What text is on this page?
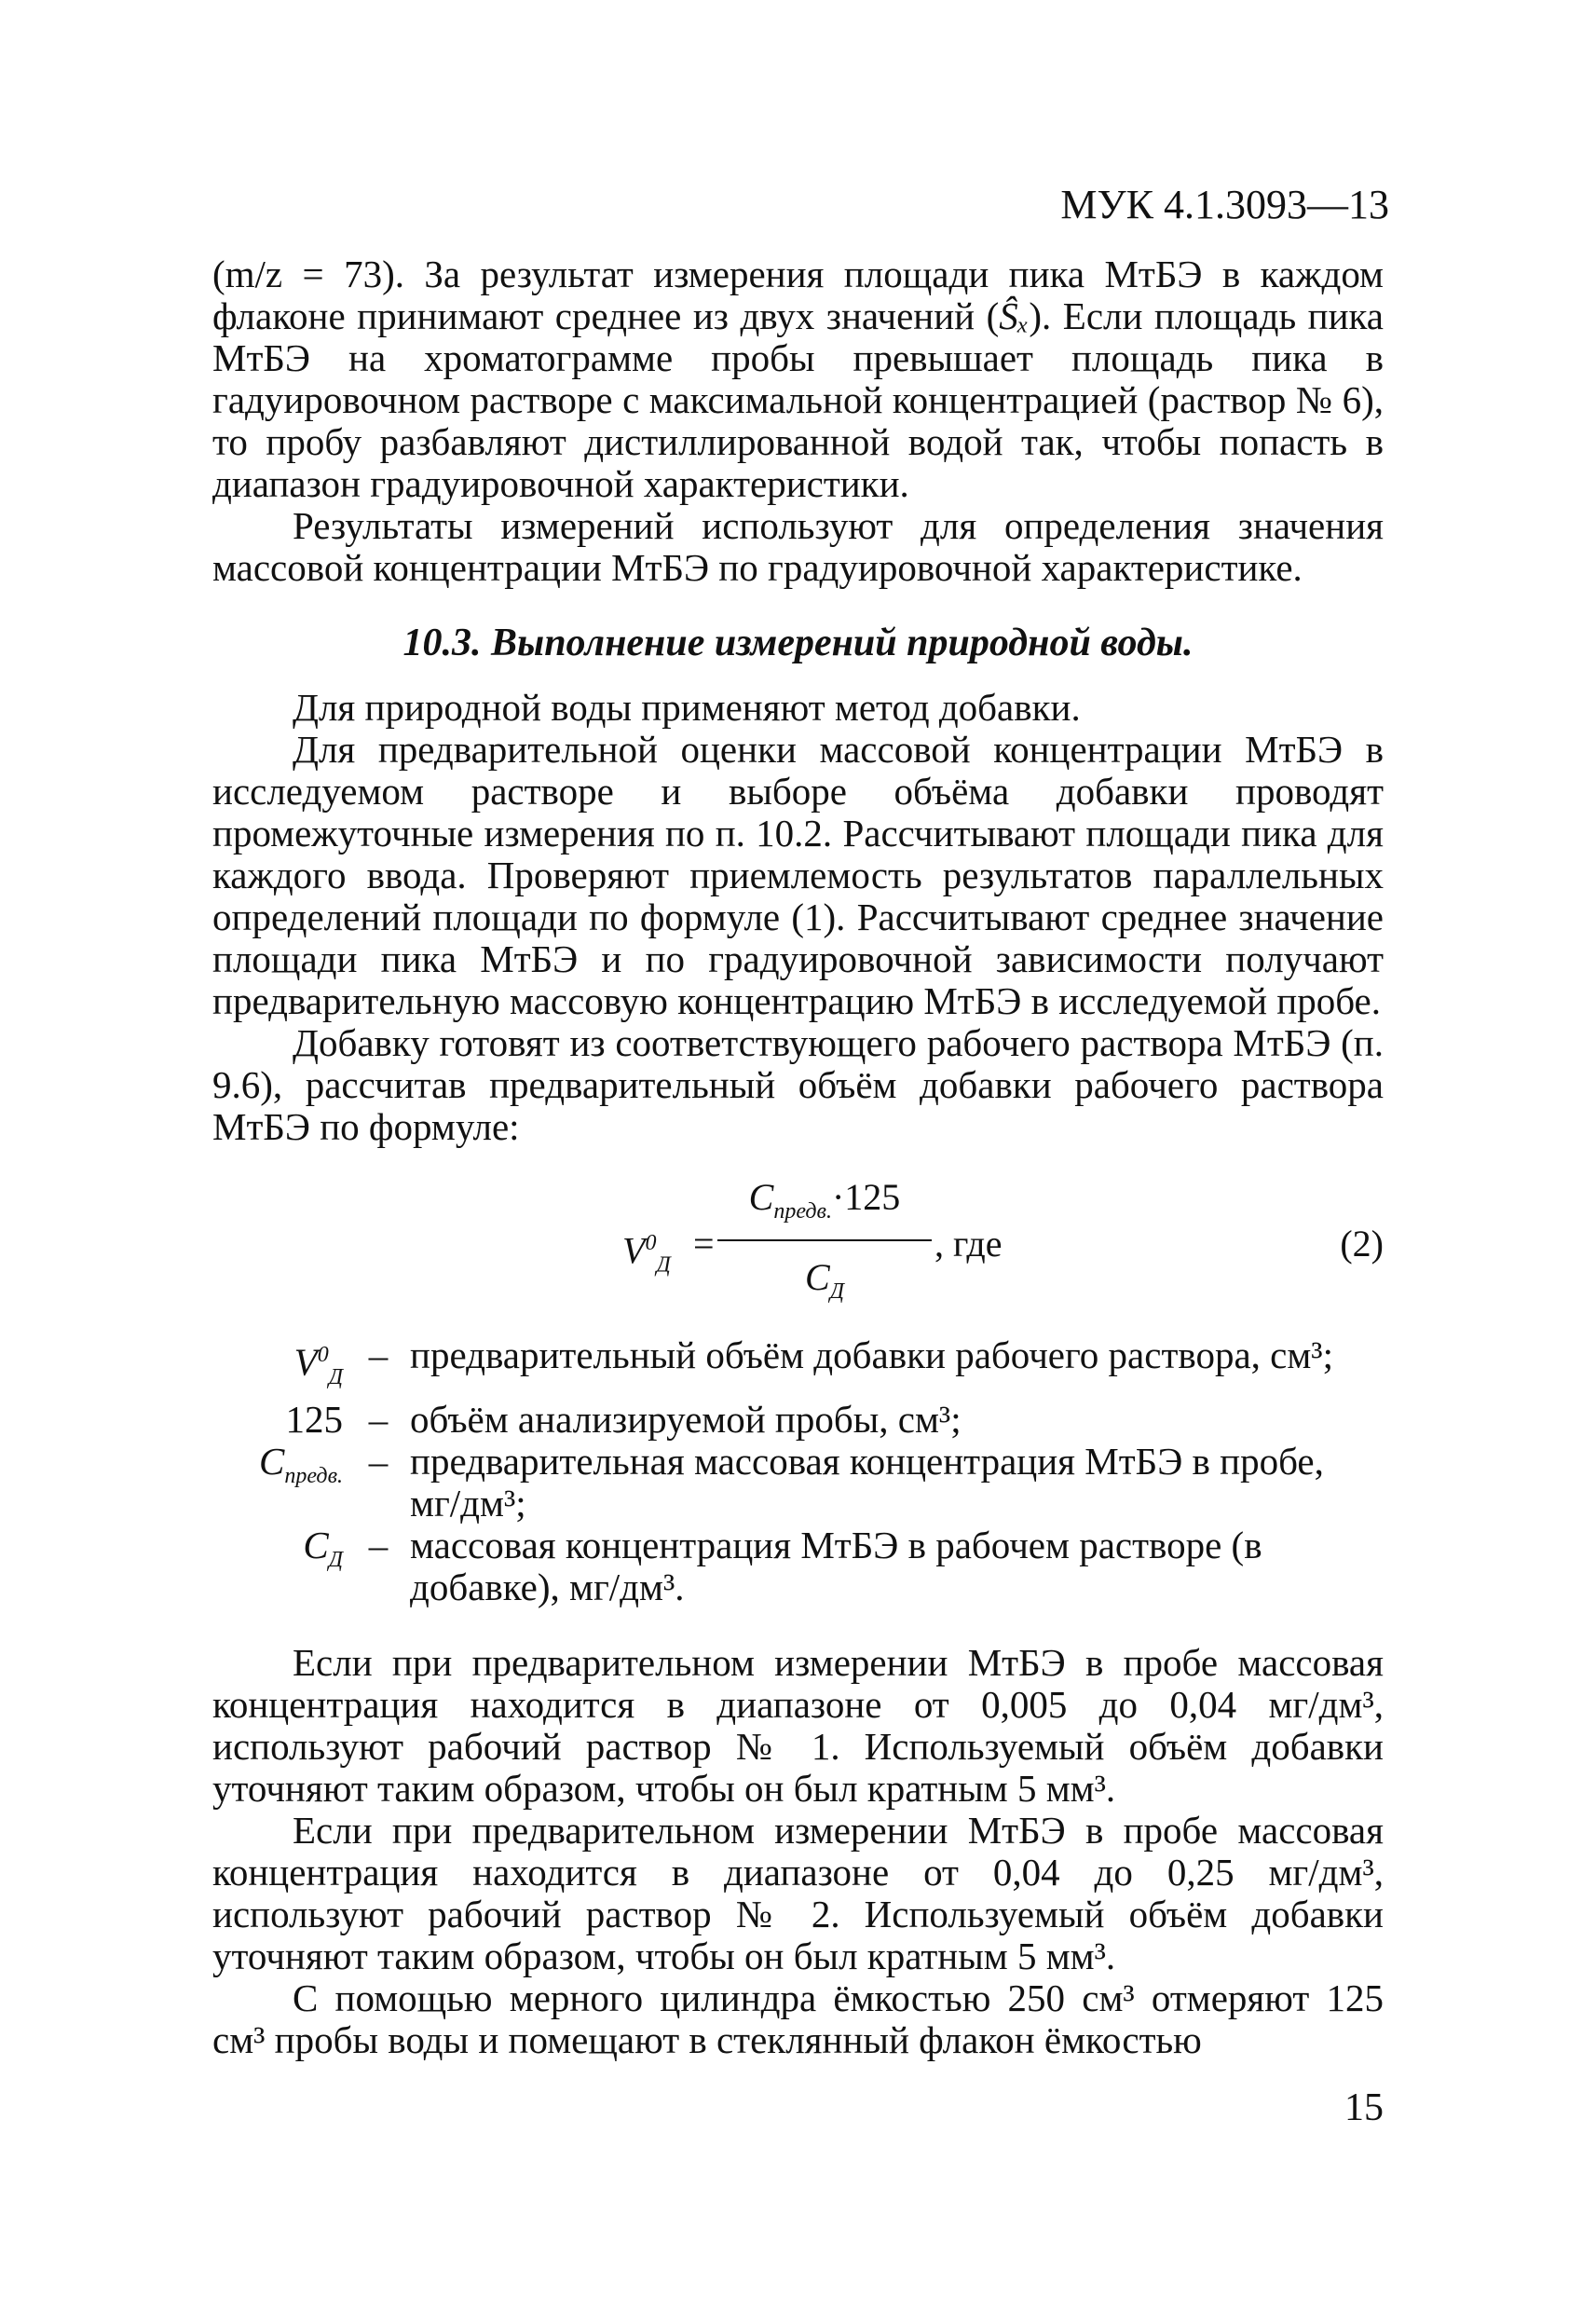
МУК 4.1.3093—13

(m/z = 73). За результат измерения площади пика МтБЭ в каждом флаконе принимают среднее из двух значений (Ŝₓ). Если площадь пика МтБЭ на хроматограмме пробы превышает площадь пика в гадуировочном растворе с максимальной концентрацией (раствор № 6), то пробу разбавляют дистиллированной водой так, чтобы попасть в диапазон градуировочной характеристики.

Результаты измерений используют для определения значения массовой концентрации МтБЭ по градуировочной характеристике.

10.3. Выполнение измерений природной воды.

Для природной воды применяют метод добавки.

Для предварительной оценки массовой концентрации МтБЭ в исследуемом растворе и выборе объёма добавки проводят промежуточные измерения по п. 10.2. Рассчитывают площади пика для каждого ввода. Проверяют приемлемость результатов параллельных определений площади по формуле (1). Рассчитывают среднее значение площади пика МтБЭ и по градуировочной зависимости получают предварительную массовую концентрацию МтБЭ в исследуемой пробе.

Добавку готовят из соответствующего рабочего раствора МтБЭ (п. 9.6), рассчитав предварительный объём добавки рабочего раствора МтБЭ по формуле:

$V^0_Д$
=
$C_{предв.}\cdot 125$
$C_Д$
, где	(2)
$V^0_Д$
– предварительный объём добавки рабочего раствора, см³;
125 – объём анализируемой пробы, см³;
$C_{предв.}$ – предварительная массовая концентрация МтБЭ в пробе, мг/дм³;
$C_Д$ – массовая концентрация МтБЭ в рабочем растворе (в добавке), мг/дм³.

Если при предварительном измерении МтБЭ в пробе массовая концентрация находится в диапазоне от 0,005 до 0,04 мг/дм³, используют рабочий раствор № 1. Используемый объём добавки уточняют таким образом, чтобы он был кратным 5 мм³.

Если при предварительном измерении МтБЭ в пробе массовая концентрация находится в диапазоне от 0,04 до 0,25 мг/дм³, используют рабочий раствор № 2. Используемый объём добавки уточняют таким образом, чтобы он был кратным 5 мм³.

С помощью мерного цилиндра ёмкостью 250 см³ отмеряют 125 см³ пробы воды и помещают в стеклянный флакон ёмкостью

15
